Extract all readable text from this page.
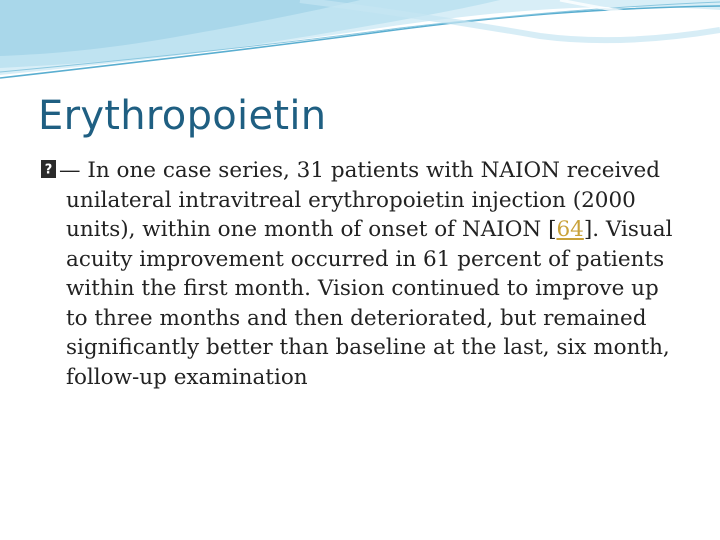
Erythropoietin

? — In one case series, 31 patients with NAION received unilateral intravitreal erythropoietin injection (2000 units), within one month of onset of NAION [64]. Visual acuity improvement occurred in 61 percent of patients within the first month. Vision continued to improve up to three months and then deteriorated, but remained significantly better than baseline at the last, six month, follow-up examination
